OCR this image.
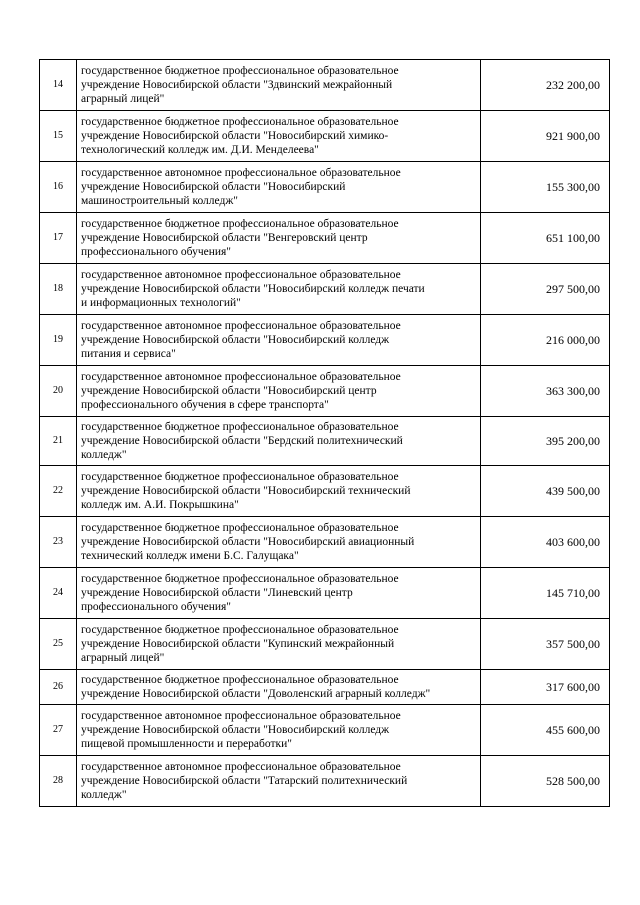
14	государственное бюджетное профессиональное образовательное
учреждение Новосибирской области "Здвинский межрайонный
аграрный лицей"	232 200,00
15	государственное бюджетное профессиональное образовательное
учреждение Новосибирской области "Новосибирский химико-
технологический колледж им. Д.И. Менделеева"	921 900,00
16	государственное автономное профессиональное образовательное
учреждение Новосибирской области "Новосибирский
машиностроительный колледж"	155 300,00
17	государственное бюджетное профессиональное образовательное
учреждение Новосибирской области "Венгеровский центр
профессионального обучения"	651 100,00
18	государственное автономное профессиональное образовательное
учреждение Новосибирской области "Новосибирский колледж печати
и информационных технологий"	297 500,00
19	государственное автономное профессиональное образовательное
учреждение Новосибирской области "Новосибирский колледж
питания и сервиса"	216 000,00
20	государственное автономное профессиональное образовательное
учреждение Новосибирской области "Новосибирский центр
профессионального обучения в сфере транспорта"	363 300,00
21	государственное бюджетное профессиональное образовательное
учреждение Новосибирской области "Бердский политехнический
колледж"	395 200,00
22	государственное бюджетное профессиональное образовательное
учреждение Новосибирской области "Новосибирский технический
колледж им. А.И. Покрышкина"	439 500,00
23	государственное бюджетное профессиональное образовательное
учреждение Новосибирской области "Новосибирский авиационный
технический колледж имени Б.С. Галущака"	403 600,00
24	государственное бюджетное профессиональное образовательное
учреждение Новосибирской области "Линевский центр
профессионального обучения"	145 710,00
25	государственное бюджетное профессиональное образовательное
учреждение Новосибирской области "Купинский межрайонный
аграрный лицей"	357 500,00
26	государственное бюджетное профессиональное образовательное
учреждение Новосибирской области "Доволенский аграрный колледж"	317 600,00
27	государственное автономное профессиональное образовательное
учреждение Новосибирской области "Новосибирский колледж
пищевой промышленности и переработки"	455 600,00
28	государственное автономное профессиональное образовательное
учреждение Новосибирской области "Татарский политехнический
колледж"	528 500,00
